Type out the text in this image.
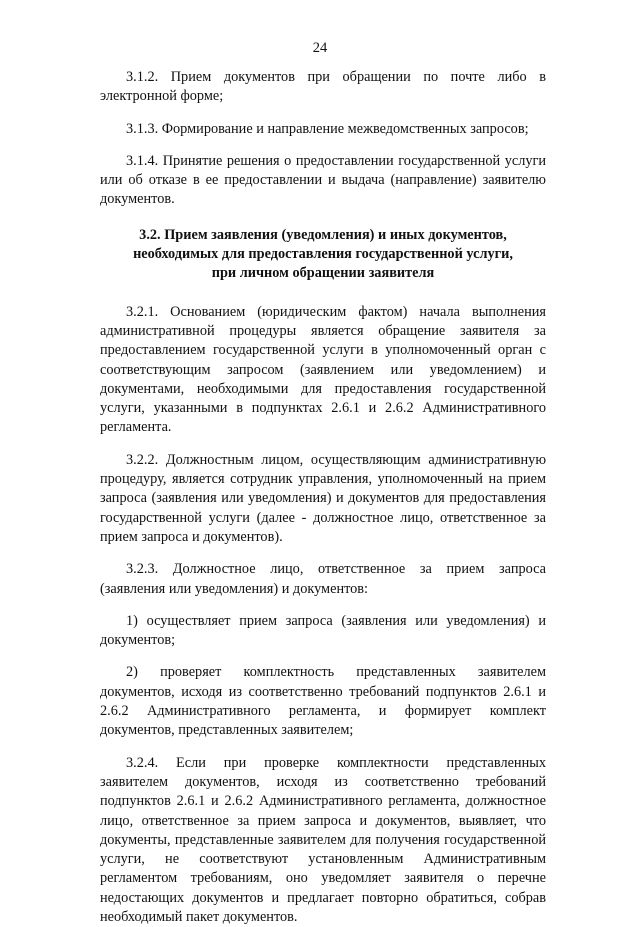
24

3.1.2. Прием документов при обращении по почте либо в электронной форме;

3.1.3. Формирование и направление межведомственных запросов;

3.1.4. Принятие решения о предоставлении государственной услуги или об отказе в ее предоставлении и выдача (направление) заявителю документов.

3.2. Прием заявления (уведомления) и иных документов,
необходимых для предоставления государственной услуги,
при личном обращении заявителя

3.2.1. Основанием (юридическим фактом) начала выполнения административной процедуры является обращение заявителя за предоставлением государственной услуги в уполномоченный орган с соответствующим запросом (заявлением или уведомлением) и документами, необходимыми для предоставления государственной услуги, указанными в подпунктах 2.6.1 и 2.6.2 Административного регламента.

3.2.2. Должностным лицом, осуществляющим административную процедуру, является сотрудник управления, уполномоченный на прием запроса (заявления или уведомления) и документов для предоставления государственной услуги (далее - должностное лицо, ответственное за прием запроса и документов).

3.2.3. Должностное лицо, ответственное за прием запроса (заявления или уведомления) и документов:

1) осуществляет прием запроса (заявления или уведомления) и документов;

2) проверяет комплектность представленных заявителем документов, исходя из соответственно требований подпунктов 2.6.1 и 2.6.2 Административного регламента, и формирует комплект документов, представленных заявителем;

3.2.4. Если при проверке комплектности представленных заявителем документов, исходя из соответственно требований подпунктов 2.6.1 и 2.6.2 Административного регламента, должностное лицо, ответственное за прием запроса и документов, выявляет, что документы, представленные заявителем для получения государственной услуги, не соответствуют установленным Административным регламентом требованиям, оно уведомляет заявителя о перечне недостающих документов и предлагает повторно обратиться, собрав необходимый пакет документов.
